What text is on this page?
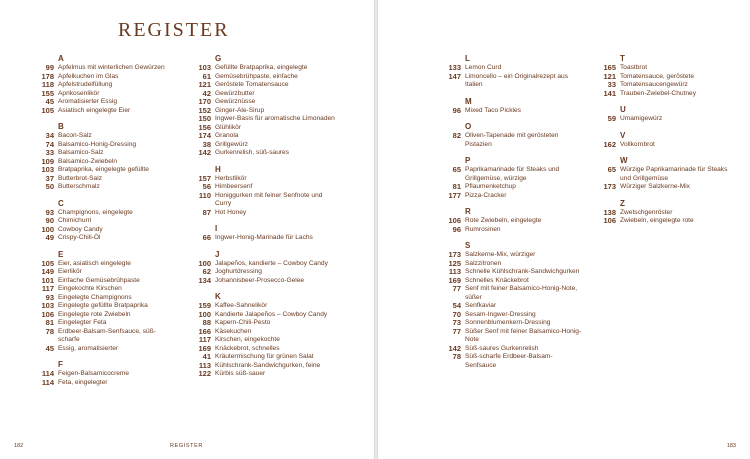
REGISTER
A
99 Apfelmus mit winterlichen Gewürzen
178 Apfelkuchen im Glas
118 Apfelstrudelfüllung
155 Aprikosenlikör
45 Aromatisierter Essig
105 Asiatisch eingelegte Eier
B
34 Bacon-Salz
74 Balsamico-Honig-Dressing
33 Balsamico-Salz
109 Balsamico-Zwiebeln
103 Bratpaprika, eingelegte gefüllte
37 Butterbrot-Salz
50 Butterschmalz
C
93 Champignons, eingelegte
90 Chimichurri
100 Cowboy Candy
49 Crispy-Chili-Öl
E
105 Eier, asiatisch eingelegte
149 Eierlikör
101 Einfache Gemüsebrühpaste
117 Eingekochte Kirschen
93 Eingelegte Champignons
103 Eingelegte gefüllte Bratpaprika
106 Eingelegte rote Zwiebeln
81 Eingelegter Feta
78 Erdbeer-Balsam-Senfsauce, süß-scharfe
45 Essig, aromatisierter
F
114 Feigen-Balsamicocreme
114 Feta, eingelegter
G
103 Gefüllte Bratpaprika, eingelegte
61 Gemüsebrühpaste, einfache
121 Geröstete Tomatensauce
42 Gewürzbutter
170 Gewürznüsse
152 Ginger-Ale-Sirup
150 Ingwer-Basis für aromatische Limonaden
156 Glühlikör
174 Granola
38 Grillgewürz
142 Gurkenrelish, süß-saures
H
157 Herbstlikör
56 Himbeersenf
110 Honiggurken mit feiner Senfnote und Curry
87 Hot Honey
I
66 Ingwer-Honig-Marinade für Lachs
J
100 Jalapeños, kandierte – Cowboy Candy
62 Joghurtdressing
134 Johannisbeer-Prosecco-Gelee
K
159 Kaffee-Sahnelikör
100 Kandierte Jalapeños – Cowboy Candy
88 Kapern-Chili-Pesto
166 Käsekuchen
117 Kirschen, eingekochte
169 Knäckebrot, schnelles
41 Kräutermischung für grünen Salat
113 Kühlschrank-Sandwichgurken, feine
122 Kürbis süß-sauer
182	REGISTER
L
133 Lemon Curd
147 Limoncello – ein Originalrezept aus Italien
M
96 Mixed Taco Pickles
O
82 Oliven-Tapenade mit gerösteten Pistazien
P
65 Paprikamarinade für Steaks und Grillgemüse, würzige
81 Pflaumenketchup
177 Pizza-Cracker
R
106 Rote Zwiebeln, eingelegte
96 Rumrosinen
S
173 Salzkerne-Mix, würziger
125 Salzzitronen
113 Schnelle Kühlschrank-Sandwichgurken
169 Schnelles Knäckebrot
77 Senf mit feiner Balsamico-Honig-Note, süßer
54 Senfkaviar
70 Sesam-Ingwer-Dressing
73 Sonnenblumenkern-Dressing
77 Süßer Senf mit feiner Balsamico-Honig-Note
142 Süß-saures Gurkenrelish
78 Süß-scharfe Erdbeer-Balsam-Senfsauce
T
165 Toastbrot
121 Tomatensauce, geröstete
33 Tomatensaucengewürz
141 Trauben-Zwiebel-Chutney
U
59 Umamigewürz
V
162 Vollkornbrot
W
65 Würzige Paprikamarinade für Steaks und Grillgemüse
173 Würziger Salzkerne-Mix
Z
138 Zwetschgenröster
106 Zwiebeln, eingelegte rote
183
